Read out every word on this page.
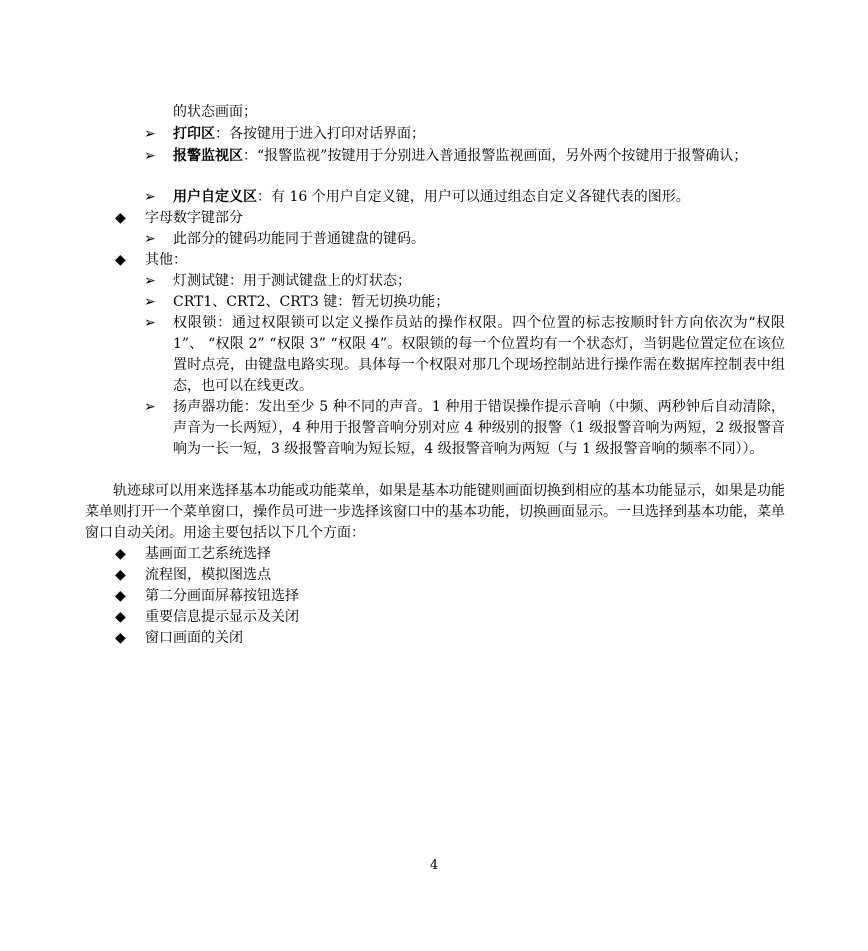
的状态画面；
➢ 打印区：各按键用于进入打印对话界面；
➢ 报警监视区：“报警监视”按键用于分别进入普通报警监视画面，另外两个按键用于报警确认；
➢ 用户自定义区：有 16 个用户自定义键，用户可以通过组态自定义各键代表的图形。
◆ 字母数字键部分
➢ 此部分的键码功能同于普通键盘的键码。
◆ 其他：
➢ 灯测试键：用于测试键盘上的灯状态；
➢ CRT1、CRT2、CRT3 键：暂无切换功能；
➢ 权限锁：通过权限锁可以定义操作员站的操作权限。四个位置的标志按顺时针方向依次为“权限 1”、 “权限 2” “权限 3” “权限 4”。权限锁的每一个位置均有一个状态灯，当钥匙位置定位在该位置时点亮，由键盘电路实现。具体每一个权限对那几个现场控制站进行操作需在数据库控制表中组态，也可以在线更改。
➢ 扬声器功能：发出至少 5 种不同的声音。1 种用于错误操作提示音响（中频、两秒钟后自动清除，声音为一长两短），4 种用于报警音响分别对应 4 种级别的报警（1 级报警音响为两短，2 级报警音响为一长一短，3 级报警音响为短长短，4 级报警音响为两短（与 1 级报警音响的频率不同））。
轨迹球可以用来选择基本功能或功能菜单，如果是基本功能键则画面切换到相应的基本功能显示，如果是功能菜单则打开一个菜单窗口，操作员可进一步选择该窗口中的基本功能，切换画面显示。一旦选择到基本功能，菜单窗口自动关闭。用途主要包括以下几个方面：
◆ 基画面工艺系统选择
◆ 流程图，模拟图选点
◆ 第二分画面屏幕按钮选择
◆ 重要信息提示显示及关闭
◆ 窗口画面的关闭
4
